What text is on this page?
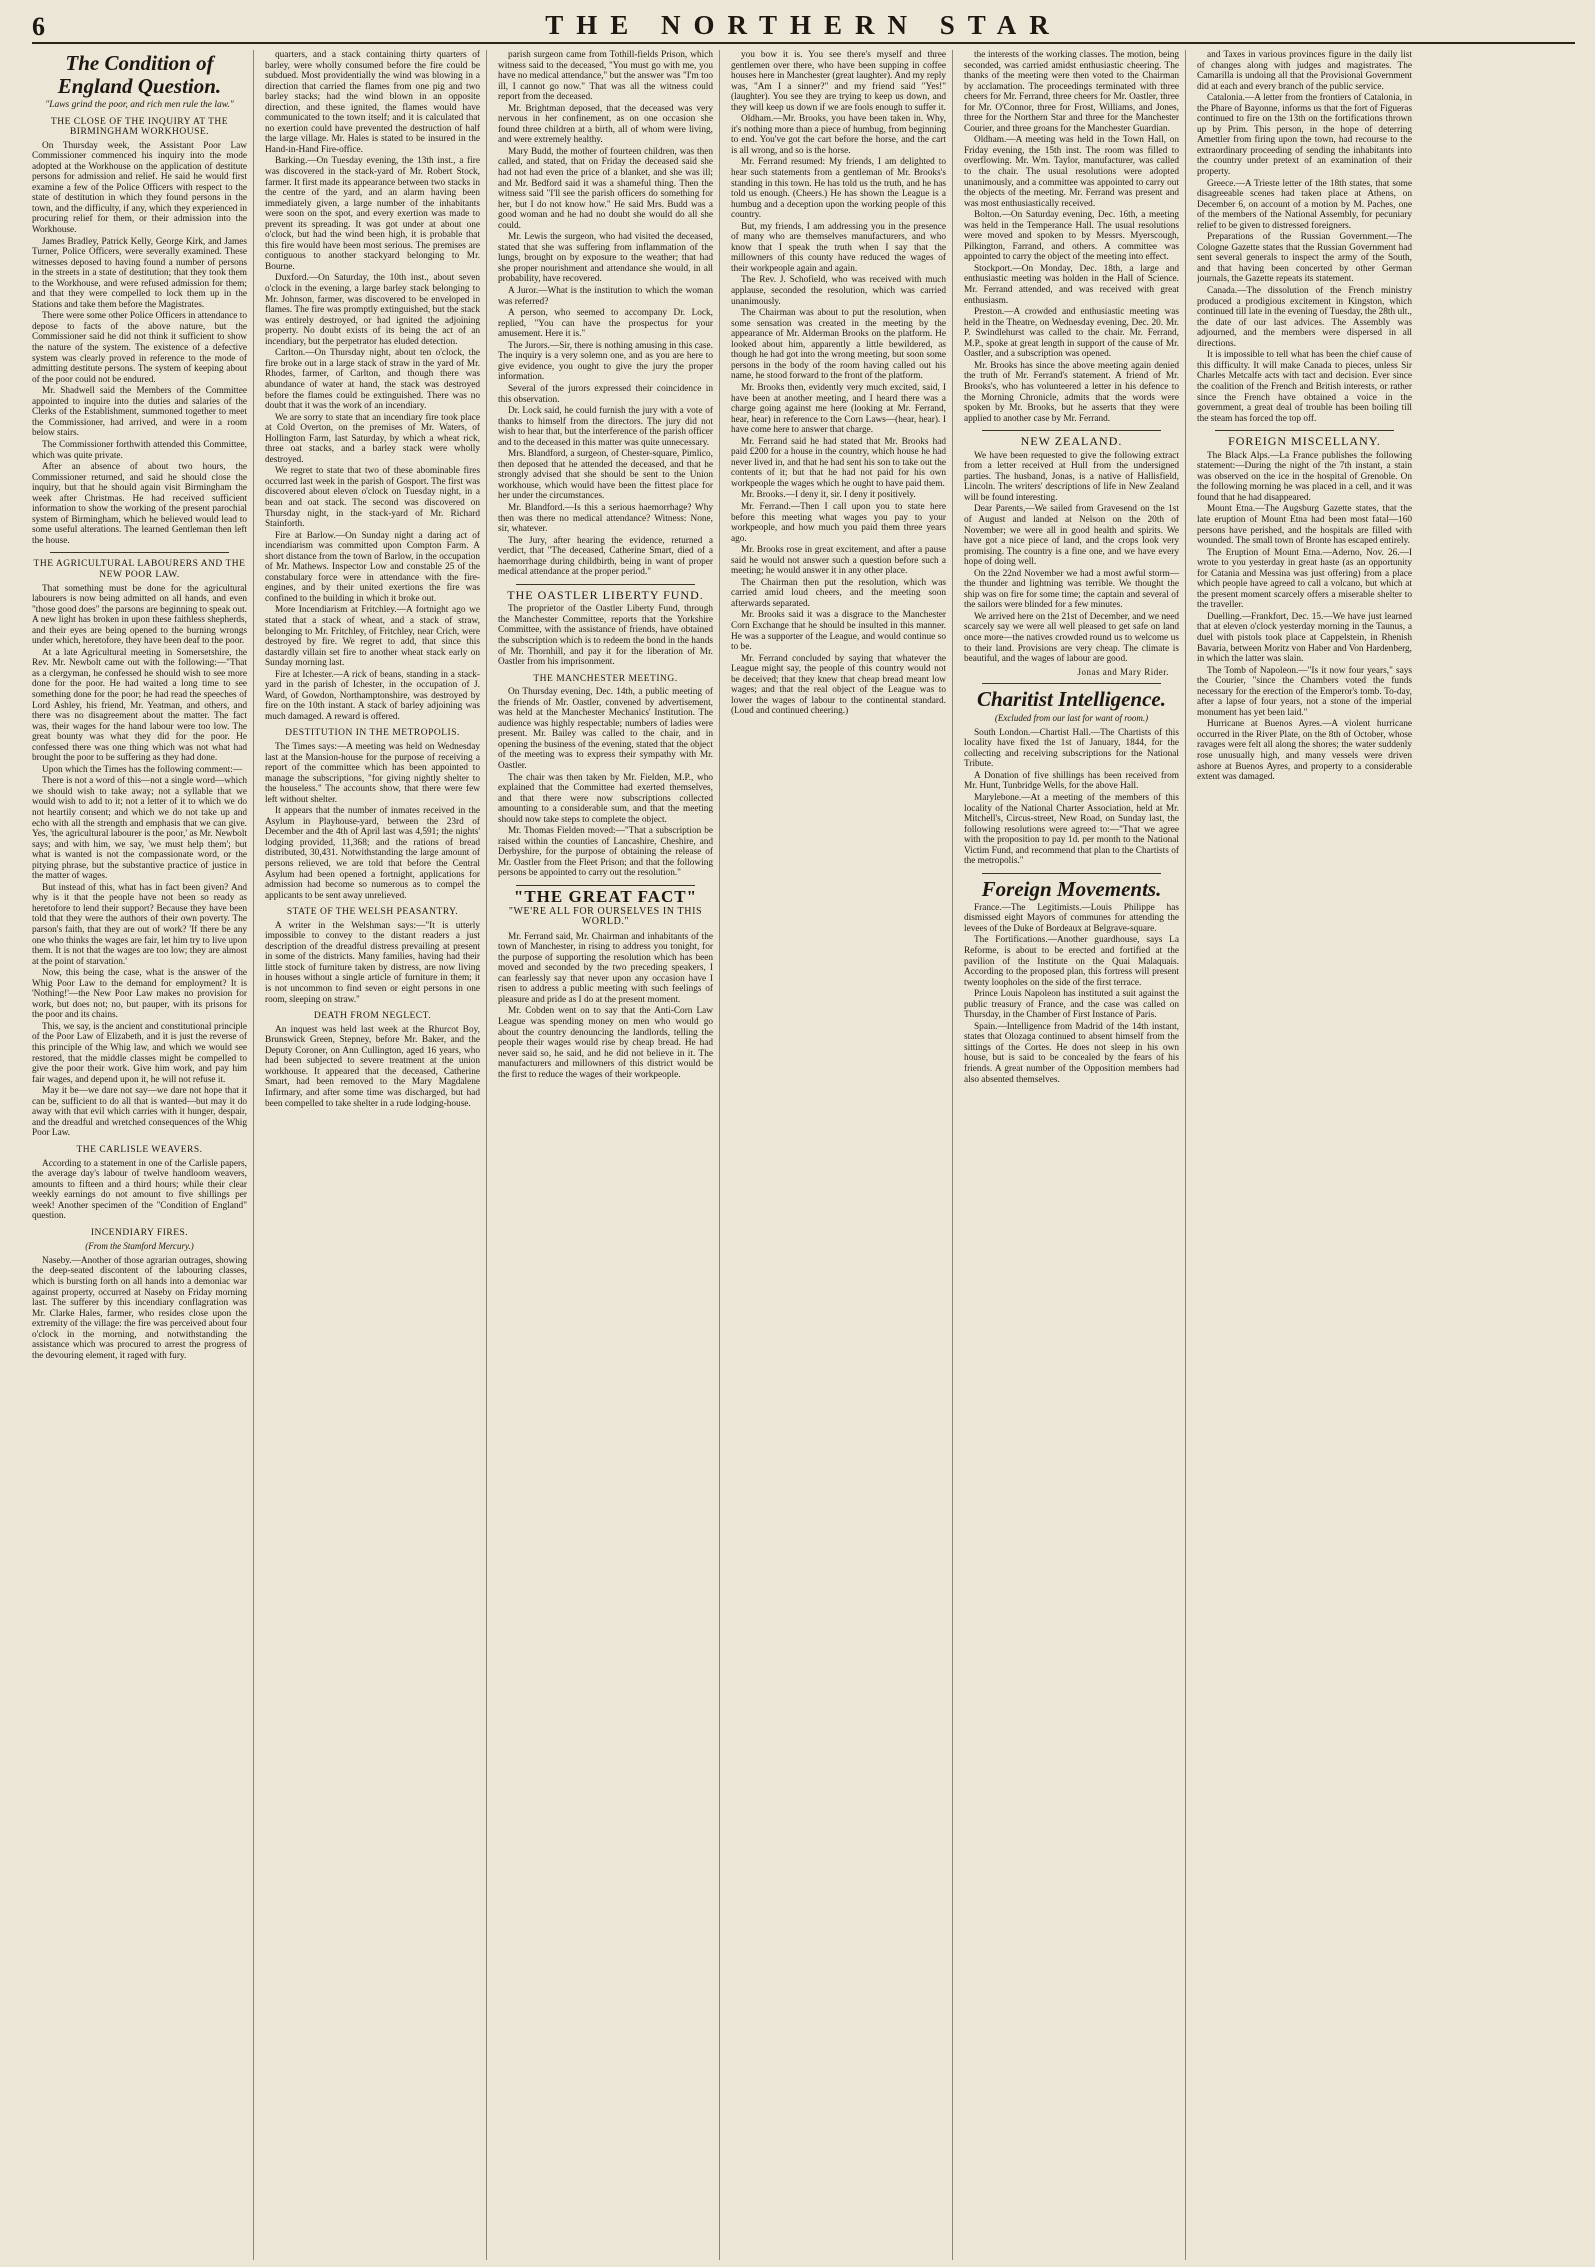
6	THE NORTHERN STAR
The Condition of England Question.
"Laws grind the poor, and rich men rule the law."
THE CLOSE OF THE INQUIRY AT THE BIRMINGHAM WORKHOUSE.

On Thursday week, the Assistant Poor Law Commissioner commenced his inquiry into the mode adopted at the Workhouse on the application of destitute persons for admission and relief. He said he would first examine a few of the Police Officers with respect to the state of destitution in which they found persons in the town, and the difficulty, if any, which they experienced in procuring relief for them, or their admission into the Workhouse.

James Bradley, Patrick Kelly, George Kirk, and James Turner, Police Officers, were severally examined. These witnesses deposed to having found a number of persons in the streets in a state of destitution; that they took them to the Workhouse, and were refused admission for them; and that they were compelled to lock them up in the Stations and take them before the Magistrates.

There were some other Police Officers in attendance to depose to facts of the above nature, but the Commissioner said he did not think it sufficient to show the nature of the system. The existence of a defective system was clearly proved in reference to the mode of admitting destitute persons. The system of keeping about of the poor could not be endured.

Mr. Shadwell said the Members of the Committee appointed to inquire into the duties and salaries of the Clerks of the Establishment, summoned together to meet the Commissioner, had arrived, and were in a room below stairs.

The Commissioner forthwith attended this Committee, which was quite private.

After an absence of about two hours, the Commissioner returned, and said he should close the inquiry, but that he should again visit Birmingham the week after Christmas. He had received sufficient information to show the working of the present parochial system of Birmingham, which he believed would lead to some useful alterations. The learned Gentleman then left the house.

THE AGRICULTURAL LABOURERS AND THE NEW POOR LAW.

That something must be done for the agricultural labourers is now being admitted on all hands, and even "those good does" the parsons are beginning to speak out. A new light has broken in upon these faithless shepherds, and their eyes are being opened to the burning wrongs under which, heretofore, they have been deaf to the poor.

At a late Agricultural meeting in Somersetshire, the Rev. Mr. Newbolt came out with the following:—"That as a clergyman, he confessed he should wish to see more done for the poor. He had waited a long time to see something done for the poor; he had read the speeches of Lord Ashley, his friend, Mr. Yeatman, and others, and there was no disagreement about the matter. The fact was, their wages for the hand labour were too low. The great bounty was what they did for the poor. He confessed there was one thing which was not what had brought the poor to be suffering as they had done.

Upon which the Times has the following comment:—

There is not a word of this—not a single word—which we should wish to take away; not a syllable that we would wish to add to it; not a letter of it to which we do not heartily consent; and which we do not take up and echo with all the strength and emphasis that we can give. Yes, 'the agricultural labourer is the poor,' as Mr. Newbolt says; and with him, we say, 'we must help them'; but what is wanted is not the compassionate word, or the pitying phrase, but the substantive practice of justice in the matter of wages.

But instead of this, what has in fact been given? And why is it that the people have not been so ready as heretofore to lend their support? Because they have been told that they were the authors of their own poverty. The parson's faith, that they are out of work? 'If there be any one who thinks the wages are fair, let him try to live upon them. It is not that the wages are too low; they are almost at the point of starvation.'

Now, this being the case, what is the answer of the Whig Poor Law to the demand for employment? It is 'Nothing!'—the New Poor Law makes no provision for work, but does not; no, but pauper, with its prisons for the poor and its chains.

This, we say, is the ancient and constitutional principle of the Poor Law of Elizabeth, and it is just the reverse of this principle of the Whig law, and which we would see restored, that the middle classes might be compelled to give the poor their work. Give him work, and pay him fair wages, and depend upon it, he will not refuse it.

May it be—we dare not say—we dare not hope that it can be, sufficient to do all that is wanted—but may it do away with that evil which carries with it hunger, despair, and the dreadful and wretched consequences of the Whig Poor Law.

THE CARLISLE WEAVERS.

According to a statement in one of the Carlisle papers, the average day's labour of twelve handloom weavers, amounts to fifteen and a third hours; while their clear weekly earnings do not amount to five shillings per week! Another specimen of the "Condition of England" question.

INCENDIARY FIRES.
(From the Stamford Mercury.)

Naseby.—Another of those agrarian outrages, showing the deep-seated discontent of the labouring classes, which is bursting forth on all hands into a demoniac war against property, occurred at Naseby on Friday morning last. The sufferer by this incendiary conflagration was Mr. Clarke Hales, farmer, who resides close upon the extremity of the village: the fire was perceived about four o'clock in the morning, and notwithstanding the assistance which was procured to arrest the progress of the devouring element, it raged with fury.

quarters, and a stack containing thirty quarters of barley, were wholly consumed before the fire could be subdued. Most providentially the wind was blowing in a direction that carried the flames from one pig and two barley stacks; had the wind blown in an opposite direction, and these ignited, the flames would have communicated to the town itself; and it is calculated that no exertion could have prevented the destruction of half the large village. Mr. Hales is stated to be insured in the Hand-in-Hand Fire-office.

Barking.—On Tuesday evening, the 13th inst., a fire was discovered in the stack-yard of Mr. Robert Stock, farmer. It first made its appearance between two stacks in the centre of the yard, and an alarm having been immediately given, a large number of the inhabitants were soon on the spot, and every exertion was made to prevent its spreading. It was got under at about one o'clock, but had the wind been high, it is probable that this fire would have been most serious. The premises are contiguous to another stackyard belonging to Mr. Bourne.

Duxford.—On Saturday, the 10th inst., about seven o'clock in the evening, a large barley stack belonging to Mr. Johnson, farmer, was discovered to be enveloped in flames. The fire was promptly extinguished, but the stack was entirely destroyed, or had ignited the adjoining property. No doubt exists of its being the act of an incendiary, but the perpetrator has eluded detection.

Carlton.—On Thursday night, about ten o'clock, the fire broke out in a large stack of straw in the yard of Mr. Rhodes, farmer, of Carlton, and though there was abundance of water at hand, the stack was destroyed before the flames could be extinguished. There was no doubt that it was the work of an incendiary.

We are sorry to state that an incendiary fire took place at Cold Overton, on the premises of Mr. Waters, of Hollington Farm, last Saturday, by which a wheat rick, three oat stacks, and a barley stack were wholly destroyed.

We regret to state that two of these abominable fires occurred last week in the parish of Gosport. The first was discovered about eleven o'clock on Tuesday night, in a bean and oat stack. The second was discovered on Thursday night, in the stack-yard of Mr. Richard Stainforth.

Fire at Barlow.—On Sunday night a daring act of incendiarism was committed upon Compton Farm. A short distance from the town of Barlow, in the occupation of Mr. Mathews. Inspector Low and constable 25 of the constabulary force were in attendance with the fire-engines, and by their united exertions the fire was confined to the building in which it broke out.

More Incendiarism at Fritchley.—A fortnight ago we stated that a stack of wheat, and a stack of straw, belonging to Mr. Fritchley, of Fritchley, near Crich, were destroyed by fire. We regret to add, that since this dastardly villain set fire to another wheat stack early on Sunday morning last.

Fire at Ichester.—A rick of beans, standing in a stack-yard in the parish of Ichester, in the occupation of J. Ward, of Gowdon, Northamptonshire, was destroyed by fire on the 10th instant. A stack of barley adjoining was much damaged. A reward is offered.

DESTITUTION IN THE METROPOLIS.

The Times says:—A meeting was held on Wednesday last at the Mansion-house for the purpose of receiving a report of the committee which has been appointed to manage the subscriptions, "for giving nightly shelter to the houseless." The accounts show, that there were few left without shelter.

It appears that the number of inmates received in the Asylum in Playhouse-yard, between the 23rd of December and the 4th of April last was 4,591; the nights' lodging provided, 11,368; and the rations of bread distributed, 30,431. Notwithstanding the large amount of persons relieved, we are told that before the Central Asylum had been opened a fortnight, applications for admission had become so numerous as to compel the applicants to be sent away unrelieved.

STATE OF THE WELSH PEASANTRY.

A writer in the Welshman says:—"It is utterly impossible to convey to the distant readers a just description of the dreadful distress prevailing at present in some of the districts. Many families, having had their little stock of furniture taken by distress, are now living in houses without a single article of furniture in them; it is not uncommon to find seven or eight persons in one room, sleeping on straw."

DEATH FROM NEGLECT.

An inquest was held last week at the Rhurcot Boy, Brunswick Green, Stepney, before Mr. Baker, and the Deputy Coroner, on Ann Cullington, aged 16 years, who had been subjected to severe treatment at the union workhouse. It appeared that the deceased, Catherine Smart, had been removed to the Mary Magdalene Infirmary, and after some time was discharged, but had been compelled to take shelter in a rude lodging-house.

parish surgeon came from Tothill-fields Prison, which witness said to the deceased, "You must go with me, you have no medical attendance," but the answer was "I'm too ill, I cannot go now." That was all the witness could report from the deceased.

Mr. Brightman deposed, that the deceased was very nervous in her confinement, as on one occasion she found three children at a birth, all of whom were living, and were extremely healthy.

Mary Budd, the mother of fourteen children, was then called, and stated, that on Friday the deceased said she had not had even the price of a blanket, and she was ill; and Mr. Bedford said it was a shameful thing. Then the witness said "I'll see the parish officers do something for her, but I do not know how." He said Mrs. Budd was a good woman and he had no doubt she would do all she could.

Mr. Lewis the surgeon, who had visited the deceased, stated that she was suffering from inflammation of the lungs, brought on by exposure to the weather; that had she proper nourishment and attendance she would, in all probability, have recovered.

A Juror.—What is the institution to which the woman was referred?

A person, who seemed to accompany Dr. Lock, replied, "You can have the prospectus for your amusement. Here it is."

The Jurors.—Sir, there is nothing amusing in this case. The inquiry is a very solemn one, and as you are here to give evidence, you ought to give the jury the proper information.

Several of the jurors expressed their coincidence in this observation.

Dr. Lock said, he could furnish the jury with a vote of thanks to himself from the directors. The jury did not wish to hear that, but the interference of the parish officer and to the deceased in this matter was quite unnecessary.

Mrs. Blandford, a surgeon, of Chester-square, Pimlico, then deposed that he attended the deceased, and that he strongly advised that she should be sent to the Union workhouse, which would have been the fittest place for her under the circumstances.

Mr. Blandford.—Is this a serious haemorrhage? Why then was there no medical attendance? Witness: None, sir, whatever.

The Jury, after hearing the evidence, returned a verdict, that "The deceased, Catherine Smart, died of a haemorrhage during childbirth, being in want of proper medical attendance at the proper period."

THE OASTLER LIBERTY FUND.

The proprietor of the Oastler Liberty Fund, through the Manchester Committee, reports that the Yorkshire Committee, with the assistance of friends, have obtained the subscription which is to redeem the bond in the hands of Mr. Thornhill, and pay it for the liberation of Mr. Oastler from his imprisonment.

THE MANCHESTER MEETING.

On Thursday evening, Dec. 14th, a public meeting of the friends of Mr. Oastler, convened by advertisement, was held at the Manchester Mechanics' Institution. The audience was highly respectable; numbers of ladies were present. Mr. Bailey was called to the chair, and in opening the business of the evening, stated that the object of the meeting was to express their sympathy with Mr. Oastler.

The chair was then taken by Mr. Fielden, M.P., who explained that the Committee had exerted themselves, and that there were now subscriptions collected amounting to a considerable sum, and that the meeting should now take steps to complete the object.

Mr. Thomas Fielden moved:—"That a subscription be raised within the counties of Lancashire, Cheshire, and Derbyshire, for the purpose of obtaining the release of Mr. Oastler from the Fleet Prison; and that the following persons be appointed to carry out the resolution."

"THE GREAT FACT"
"WE'RE ALL FOR OURSELVES IN THIS WORLD."

Mr. Ferrand said, Mr. Chairman and inhabitants of the town of Manchester, in rising to address you tonight, for the purpose of supporting the resolution which has been moved and seconded by the two preceding speakers, I can fearlessly say that never upon any occasion have I risen to address a public meeting with such feelings of pleasure and pride as I do at the present moment.

Mr. Cobden went on to say that the Anti-Corn Law League was spending money on men who would go about the country denouncing the landlords, telling the people their wages would rise by cheap bread. He had never said so, he said, and he did not believe in it. The manufacturers and millowners of this district would be the first to reduce the wages of their workpeople.

you bow it is. You see there's myself and three gentlemen over there, who have been supping in coffee houses here in Manchester (great laughter). And my reply was, "Am I a sinner?" and my friend said "Yes!" (laughter). You see they are trying to keep us down, and they will keep us down if we are fools enough to suffer it.

Oldham.—Mr. Brooks, you have been taken in. Why, it's nothing more than a piece of humbug, from beginning to end. You've got the cart before the horse, and the cart is all wrong, and so is the horse.

Mr. Ferrand resumed: My friends, I am delighted to hear such statements from a gentleman of Mr. Brooks's standing in this town. He has told us the truth, and he has told us enough. (Cheers.) He has shown the League is a humbug and a deception upon the working people of this country.

But, my friends, I am addressing you in the presence of many who are themselves manufacturers, and who know that I speak the truth when I say that the millowners of this county have reduced the wages of their workpeople again and again.

The Rev. J. Schofield, who was received with much applause, seconded the resolution, which was carried unanimously.

The Chairman was about to put the resolution, when some sensation was created in the meeting by the appearance of Mr. Alderman Brooks on the platform. He looked about him, apparently a little bewildered, as though he had got into the wrong meeting, but soon some persons in the body of the room having called out his name, he stood forward to the front of the platform.

Mr. Brooks then, evidently very much excited, said, I have been at another meeting, and I heard there was a charge going against me here (looking at Mr. Ferrand, hear, hear) in reference to the Corn Laws—(hear, hear). I have come here to answer that charge.

Mr. Ferrand said he had stated that Mr. Brooks had paid £200 for a house in the country, which house he had never lived in, and that he had sent his son to take out the contents of it; but that he had not paid for his own workpeople the wages which he ought to have paid them.

Mr. Brooks.—I deny it, sir. I deny it positively.

Mr. Ferrand.—Then I call upon you to state here before this meeting what wages you pay to your workpeople, and how much you paid them three years ago.

Mr. Brooks rose in great excitement, and after a pause said he would not answer such a question before such a meeting; he would answer it in any other place.

The Chairman then put the resolution, which was carried amid loud cheers, and the meeting soon afterwards separated.

Mr. Brooks said it was a disgrace to the Manchester Corn Exchange that he should be insulted in this manner. He was a supporter of the League, and would continue so to be.

Mr. Ferrand concluded by saying that whatever the League might say, the people of this country would not be deceived; that they knew that cheap bread meant low wages; and that the real object of the League was to lower the wages of labour to the continental standard. (Loud and continued cheering.)

the interests of the working classes. The motion, being seconded, was carried amidst enthusiastic cheering. The thanks of the meeting were then voted to the Chairman by acclamation. The proceedings terminated with three cheers for Mr. Ferrand, three cheers for Mr. Oastler, three for Mr. O'Connor, three for Frost, Williams, and Jones, three for the Northern Star and three for the Manchester Courier, and three groans for the Manchester Guardian.

Oldham.—A meeting was held in the Town Hall, on Friday evening, the 15th inst. The room was filled to overflowing. Mr. Wm. Taylor, manufacturer, was called to the chair. The usual resolutions were adopted unanimously, and a committee was appointed to carry out the objects of the meeting. Mr. Ferrand was present and was most enthusiastically received.

Bolton.—On Saturday evening, Dec. 16th, a meeting was held in the Temperance Hall. The usual resolutions were moved and spoken to by Messrs. Myerscough, Pilkington, Farrand, and others. A committee was appointed to carry the object of the meeting into effect.

Stockport.—On Monday, Dec. 18th, a large and enthusiastic meeting was holden in the Hall of Science. Mr. Ferrand attended, and was received with great enthusiasm.

Preston.—A crowded and enthusiastic meeting was held in the Theatre, on Wednesday evening, Dec. 20. Mr. P. Swindlehurst was called to the chair. Mr. Ferrand, M.P., spoke at great length in support of the cause of Mr. Oastler, and a subscription was opened.

Mr. Brooks has since the above meeting again denied the truth of Mr. Ferrand's statement. A friend of Mr. Brooks's, who has volunteered a letter in his defence to the Morning Chronicle, admits that the words were spoken by Mr. Brooks, but he asserts that they were applied to another case by Mr. Ferrand.

NEW ZEALAND.

We have been requested to give the following extract from a letter received at Hull from the undersigned parties. The husband, Jonas, is a native of Hallisfield, Lincoln. The writers' descriptions of life in New Zealand will be found interesting.

Dear Parents,—We sailed from Gravesend on the 1st of August and landed at Nelson on the 20th of November; we were all in good health and spirits. We have got a nice piece of land, and the crops look very promising. The country is a fine one, and we have every hope of doing well.

On the 22nd November we had a most awful storm—the thunder and lightning was terrible. We thought the ship was on fire for some time; the captain and several of the sailors were blinded for a few minutes.

We arrived here on the 21st of December, and we need scarcely say we were all well pleased to get safe on land once more—the natives crowded round us to welcome us to their land. Provisions are very cheap. The climate is beautiful, and the wages of labour are good.

Jonas and Mary Rider.
Charitist Intelligence.
(Excluded from our last for want of room.)

South London.—Chartist Hall.—The Chartists of this locality have fixed the 1st of January, 1844, for the collecting and receiving subscriptions for the National Tribute.

A Donation of five shillings has been received from Mr. Hunt, Tunbridge Wells, for the above Hall.

Marylebone.—At a meeting of the members of this locality of the National Charter Association, held at Mr. Mitchell's, Circus-street, New Road, on Sunday last, the following resolutions were agreed to:—"That we agree with the proposition to pay 1d. per month to the National Victim Fund, and recommend that plan to the Chartists of the metropolis."

Foreign Movements.

France.—The Legitimists.—Louis Philippe has dismissed eight Mayors of communes for attending the levees of the Duke of Bordeaux at Belgrave-square.

The Fortifications.—Another guardhouse, says La Reforme, is about to be erected and fortified at the pavilion of the Institute on the Quai Malaquais. According to the proposed plan, this fortress will present twenty loopholes on the side of the first terrace.

Prince Louis Napoleon has instituted a suit against the public treasury of France, and the case was called on Thursday, in the Chamber of First Instance of Paris.

Spain.—Intelligence from Madrid of the 14th instant, states that Olozaga continued to absent himself from the sittings of the Cortes. He does not sleep in his own house, but is said to be concealed by the fears of his friends. A great number of the Opposition members had also absented themselves.

and Taxes in various provinces figure in the daily list of changes along with judges and magistrates. The Camarilla is undoing all that the Provisional Government did at each and every branch of the public service.

Catalonia.—A letter from the frontiers of Catalonia, in the Phare of Bayonne, informs us that the fort of Figueras continued to fire on the 13th on the fortifications thrown up by Prim. This person, in the hope of deterring Amettler from firing upon the town, had recourse to the extraordinary proceeding of sending the inhabitants into the country under pretext of an examination of their property.

Greece.—A Trieste letter of the 18th states, that some disagreeable scenes had taken place at Athens, on December 6, on account of a motion by M. Paches, one of the members of the National Assembly, for pecuniary relief to be given to distressed foreigners.

Preparations of the Russian Government.—The Cologne Gazette states that the Russian Government had sent several generals to inspect the army of the South, and that having been concerted by other German journals, the Gazette repeats its statement.

Canada.—The dissolution of the French ministry produced a prodigious excitement in Kingston, which continued till late in the evening of Tuesday, the 28th ult., the date of our last advices. The Assembly was adjourned, and the members were dispersed in all directions.

It is impossible to tell what has been the chief cause of this difficulty. It will make Canada to pieces, unless Sir Charles Metcalfe acts with tact and decision. Ever since the coalition of the French and British interests, or rather since the French have obtained a voice in the government, a great deal of trouble has been boiling till the steam has forced the top off.

FOREIGN MISCELLANY.

The Black Alps.—La France publishes the following statement:—During the night of the 7th instant, a stain was observed on the ice in the hospital of Grenoble. On the following morning he was placed in a cell, and it was found that he had disappeared.

Mount Etna.—The Augsburg Gazette states, that the late eruption of Mount Etna had been most fatal—160 persons have perished, and the hospitals are filled with wounded. The small town of Bronte has escaped entirely.

The Eruption of Mount Etna.—Aderno, Nov. 26.—I wrote to you yesterday in great haste (as an opportunity for Catania and Messina was just offering) from a place which people have agreed to call a volcano, but which at the present moment scarcely offers a miserable shelter to the traveller.

Duelling.—Frankfort, Dec. 15.—We have just learned that at eleven o'clock yesterday morning in the Taunus, a duel with pistols took place at Cappelstein, in Rhenish Bavaria, between Moritz von Haber and Von Hardenberg, in which the latter was slain.

The Tomb of Napoleon.—"Is it now four years," says the Courier, "since the Chambers voted the funds necessary for the erection of the Emperor's tomb. To-day, after a lapse of four years, not a stone of the imperial monument has yet been laid."

Hurricane at Buenos Ayres.—A violent hurricane occurred in the River Plate, on the 8th of October, whose ravages were felt all along the shores; the water suddenly rose unusually high, and many vessels were driven ashore at Buenos Ayres, and property to a considerable extent was damaged.
